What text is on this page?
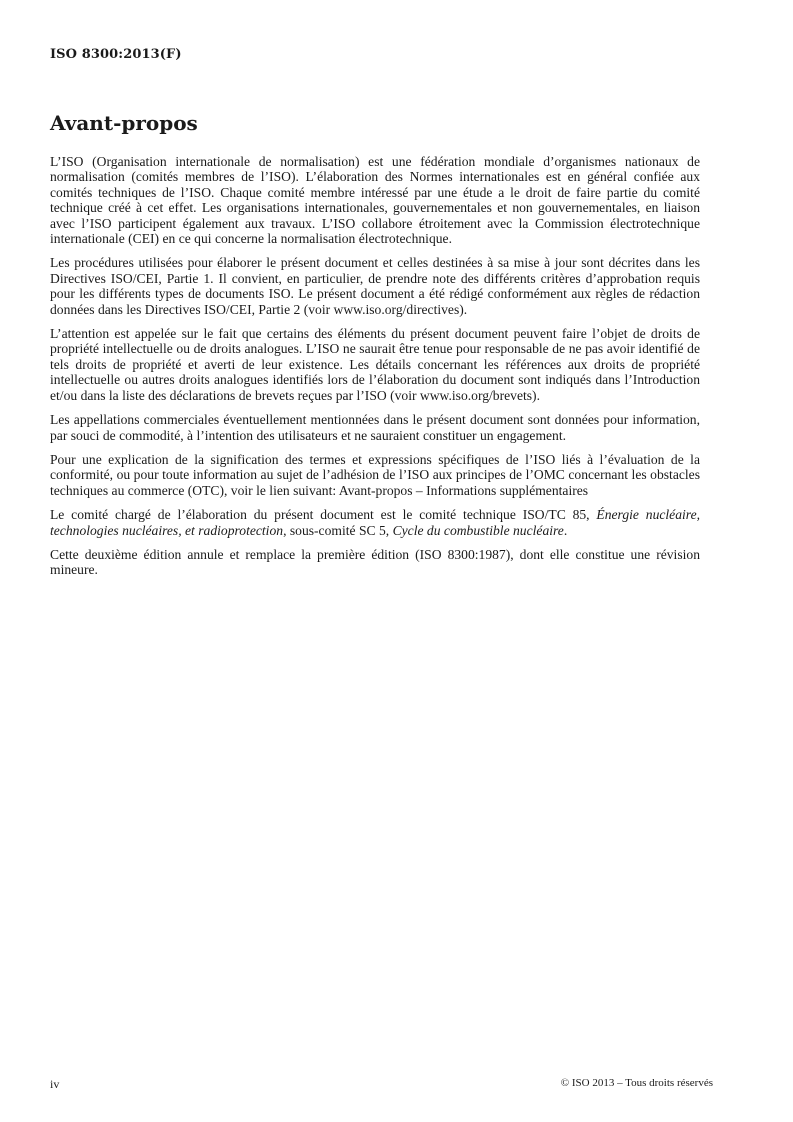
ISO 8300:2013(F)
Avant-propos

L’ISO (Organisation internationale de normalisation) est une fédération mondiale d’organismes nationaux de normalisation (comités membres de l’ISO). L’élaboration des Normes internationales est en général confiée aux comités techniques de l’ISO. Chaque comité membre intéressé par une étude a le droit de faire partie du comité technique créé à cet effet. Les organisations internationales, gouvernementales et non gouvernementales, en liaison avec l’ISO participent également aux travaux. L’ISO collabore étroitement avec la Commission électrotechnique internationale (CEI) en ce qui concerne la normalisation électrotechnique.

Les procédures utilisées pour élaborer le présent document et celles destinées à sa mise à jour sont décrites dans les Directives ISO/CEI, Partie 1. Il convient, en particulier, de prendre note des différents critères d’approbation requis pour les différents types de documents ISO. Le présent document a été rédigé conformément aux règles de rédaction données dans les Directives ISO/CEI, Partie 2 (voir www.iso.org/directives).

L’attention est appelée sur le fait que certains des éléments du présent document peuvent faire l’objet de droits de propriété intellectuelle ou de droits analogues. L’ISO ne saurait être tenue pour responsable de ne pas avoir identifié de tels droits de propriété et averti de leur existence. Les détails concernant les références aux droits de propriété intellectuelle ou autres droits analogues identifiés lors de l’élaboration du document sont indiqués dans l’Introduction et/ou dans la liste des déclarations de brevets reçues par l’ISO (voir www.iso.org/brevets).

Les appellations commerciales éventuellement mentionnées dans le présent document sont données pour information, par souci de commodité, à l’intention des utilisateurs et ne sauraient constituer un engagement.

Pour une explication de la signification des termes et expressions spécifiques de l’ISO liés à l’évaluation de la conformité, ou pour toute information au sujet de l’adhésion de l’ISO aux principes de l’OMC concernant les obstacles techniques au commerce (OTC), voir le lien suivant: Avant-propos – Informations supplémentaires

Le comité chargé de l’élaboration du présent document est le comité technique ISO/TC 85, Énergie nucléaire, technologies nucléaires, et radioprotection, sous-comité SC 5, Cycle du combustible nucléaire.

Cette deuxième édition annule et remplace la première édition (ISO 8300:1987), dont elle constitue une révision mineure.

iv	© ISO 2013 – Tous droits réservés
